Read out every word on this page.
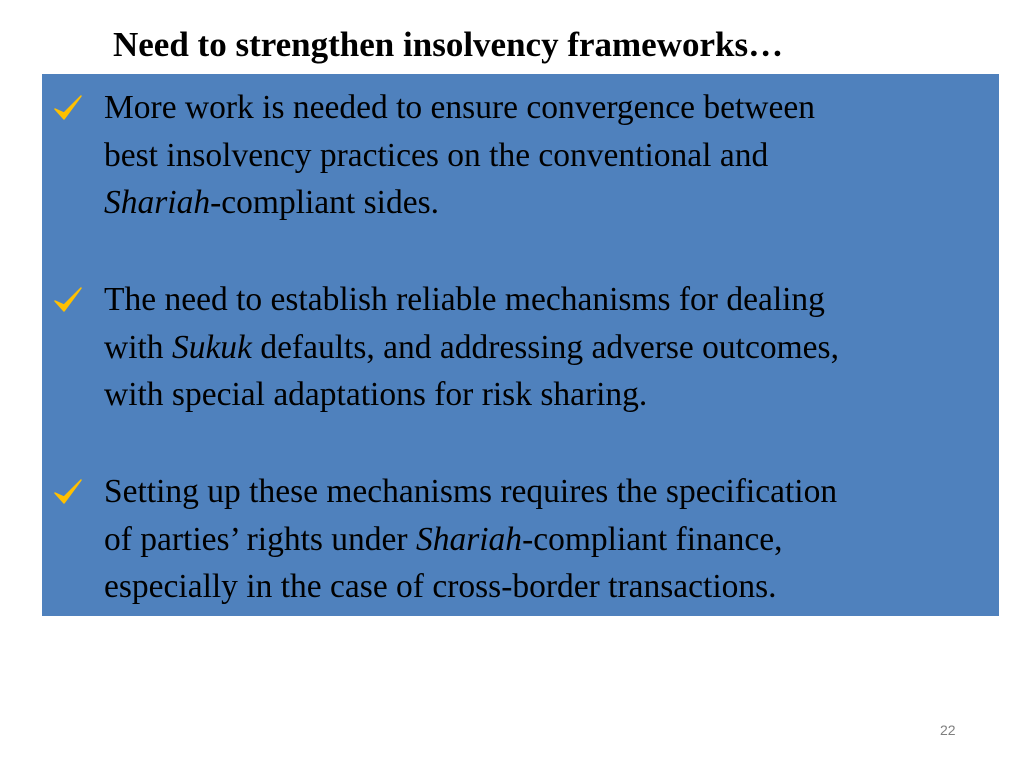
Need to strengthen insolvency frameworks…
More work is needed to ensure convergence between
best insolvency practices on the conventional and
Shariah-compliant sides.
The need to establish reliable mechanisms for dealing
with Sukuk defaults, and addressing adverse outcomes,
with special adaptations for risk sharing.
Setting up these mechanisms requires the specification
of parties’ rights under Shariah-compliant finance,
especially in the case of cross-border transactions.
22
